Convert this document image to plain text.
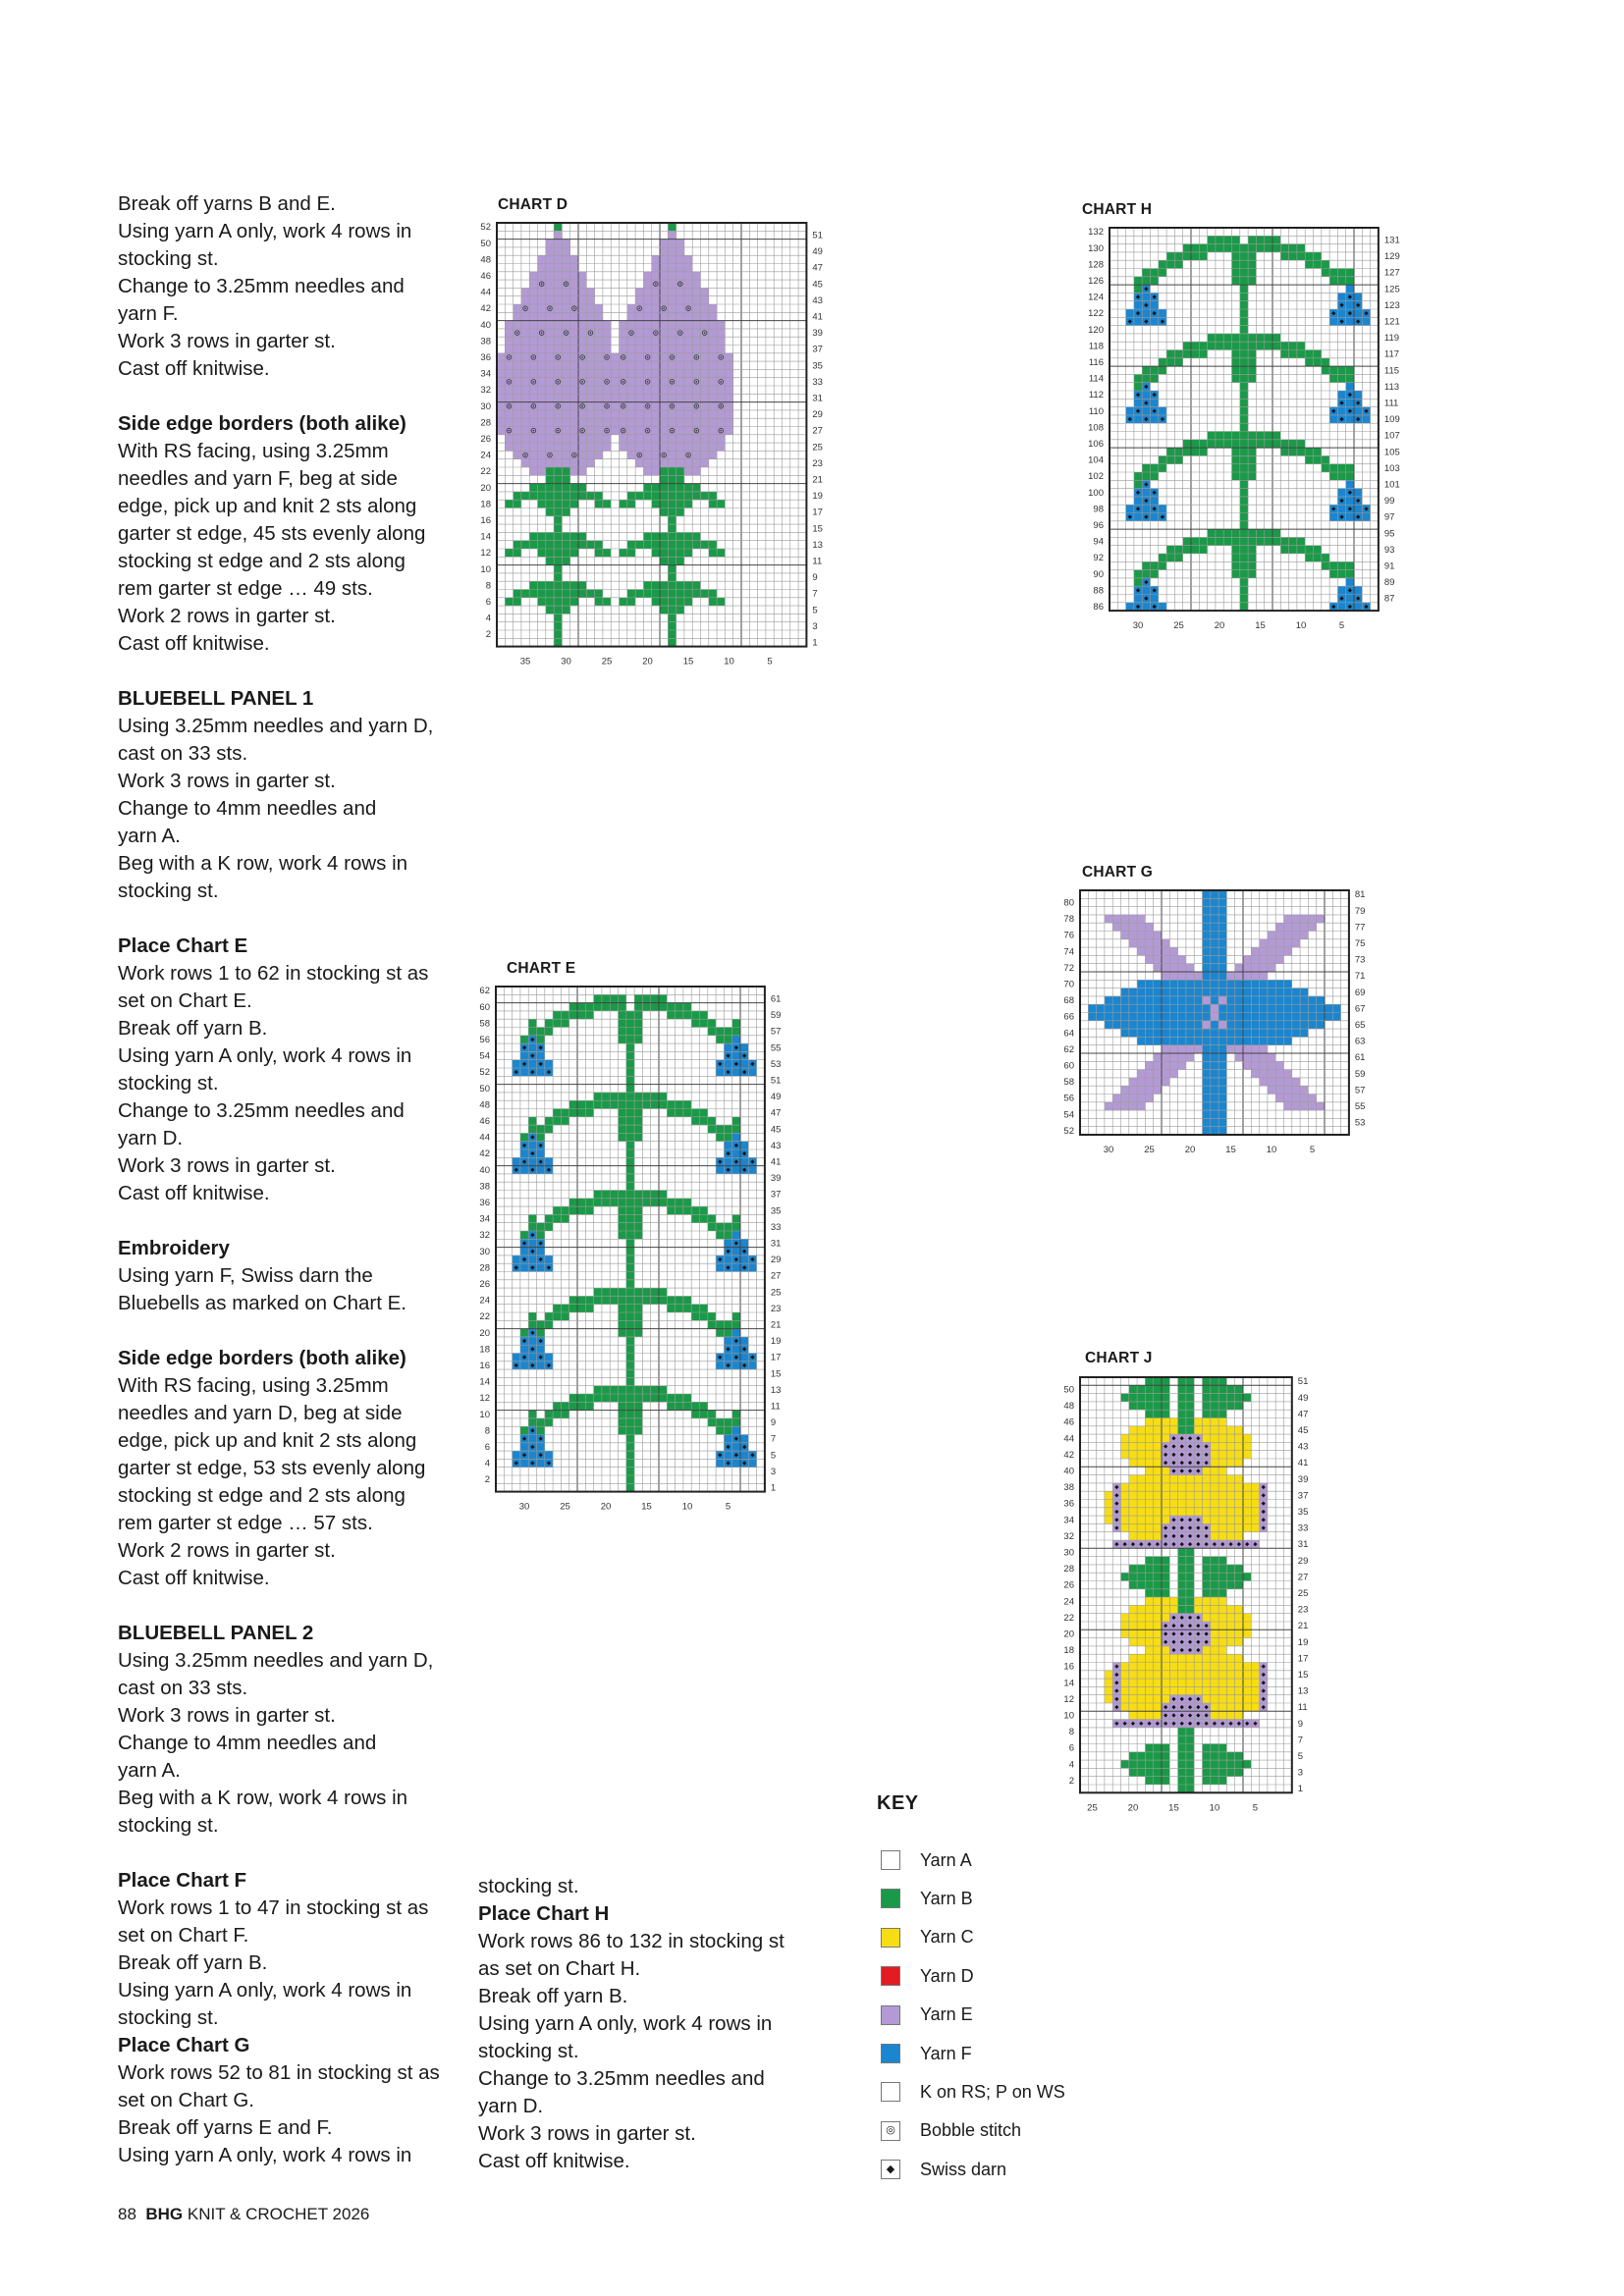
Break off yarns B and E.

Using yarn A only, work 4 rows in

stocking st.

Change to 3.25mm needles and

yarn F.

Work 3 rows in garter st.

Cast off knitwise.

Side edge borders (both alike)

With RS facing, using 3.25mm

needles and yarn F, beg at side

edge, pick up and knit 2 sts along

garter st edge, 45 sts evenly along

stocking st edge and 2 sts along

rem garter st edge … 49 sts.

Work 2 rows in garter st.

Cast off knitwise.

BLUEBELL PANEL 1

Using 3.25mm needles and yarn D,

cast on 33 sts.

Work 3 rows in garter st.

Change to 4mm needles and

yarn A.

Beg with a K row, work 4 rows in

stocking st.

Place Chart E

Work rows 1 to 62 in stocking st as

set on Chart E.

Break off yarn B.

Using yarn A only, work 4 rows in

stocking st.

Change to 3.25mm needles and

yarn D.

Work 3 rows in garter st.

Cast off knitwise.

Embroidery

Using yarn F, Swiss darn the

Bluebells as marked on Chart E.

Side edge borders (both alike)

With RS facing, using 3.25mm

needles and yarn D, beg at side

edge, pick up and knit 2 sts along

garter st edge, 53 sts evenly along

stocking st edge and 2 sts along

rem garter st edge … 57 sts.

Work 2 rows in garter st.

Cast off knitwise.

BLUEBELL PANEL 2

Using 3.25mm needles and yarn D,

cast on 33 sts.

Work 3 rows in garter st.

Change to 4mm needles and

yarn A.

Beg with a K row, work 4 rows in

stocking st.

Place Chart F

Work rows 1 to 47 in stocking st as

set on Chart F.

Break off yarn B.

Using yarn A only, work 4 rows in

stocking st.

Place Chart G

Work rows 52 to 81 in stocking st as

set on Chart G.

Break off yarns E and F.

Using yarn A only, work 4 rows in

stocking st.

Place Chart H

Work rows 86 to 132 in stocking st

as set on Chart H.

Break off yarn B.

Using yarn A only, work 4 rows in

stocking st.

Change to 3.25mm needles and

yarn D.

Work 3 rows in garter st.

Cast off knitwise.

CHART D
CHART E
CHART G
CHART H
CHART J
52
51
50
49
48
47
46
45
44
43
42
41
40
39
38
37
36
35
34
33
32
31
30
29
28
27
26
25
24
23
22
21
20
19
18
17
16
15
14
13
12
11
10
9
8
7
6
5
4
3
2
1
5
10
15
20
25
30
35
62
61
60
59
58
57
56
55
54
53
52
51
50
49
48
47
46
45
44
43
42
41
40
39
38
37
36
35
34
33
32
31
30
29
28
27
26
25
24
23
22
21
20
19
18
17
16
15
14
13
12
11
10
9
8
7
6
5
4
3
2
1
5
10
15
20
25
30
132
131
130
129
128
127
126
125
124
123
122
121
120
119
118
117
116
115
114
113
112
111
110
109
108
107
106
105
104
103
102
101
100
99
98
97
96
95
94
93
92
91
90
89
88
87
86
5
10
15
20
25
30
81
80
79
78
77
76
75
74
73
72
71
70
69
68
67
66
65
64
63
62
61
60
59
58
57
56
55
54
53
52
5
10
15
20
25
30
51
50
49
48
47
46
45
44
43
42
41
40
39
38
37
36
35
34
33
32
31
30
29
28
27
26
25
24
23
22
21
20
19
18
17
16
15
14
13
12
11
10
9
8
7
6
5
4
3
2
1
5
10
15
20
25
KEY
Yarn A
Yarn B
Yarn C
Yarn D
Yarn E
Yarn F
K on RS; P on WS
◎ Bobble stitch
◆ Swiss darn
88 BHG KNIT & CROCHET 2026
